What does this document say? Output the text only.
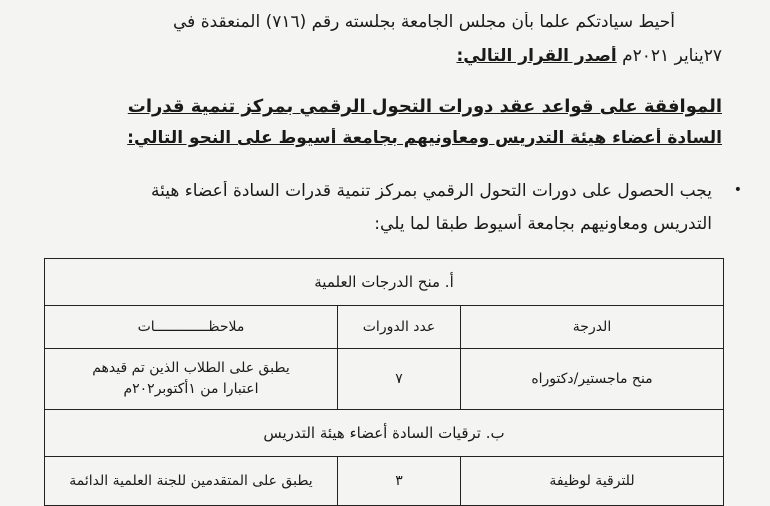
أحيط سيادتكم علما بأن مجلس الجامعة بجلسته رقم (٧١٦) المنعقدة في
٢٧يناير ٢٠٢١م أصدر القرار التالي:
الموافقة على قواعد عقد دورات التحول الرقمي بمركز تنمية قدرات
السادة أعضاء هيئة التدريس ومعاونيهم بجامعة أسيوط على النحو التالي:
•
يجب الحصول على دورات التحول الرقمي بمركز تنمية قدرات السادة أعضاء هيئة
التدريس ومعاونيهم بجامعة أسيوط طبقا لما يلي:
أ. منح الدرجات العلمية		
الدرجة	عدد الدورات	ملاحظـــــــــــــات
منح ماجستير/دكتوراه	٧	يطبق على الطلاب الذين تم قيدهم
اعتبارا من ١أكتوبر٢٠٢م

ب. ترقيات السادة أعضاء هيئة التدريس		
للترقية لوظيفة	٣	يطبق على المتقدمين للجنة العلمية الدائمة
